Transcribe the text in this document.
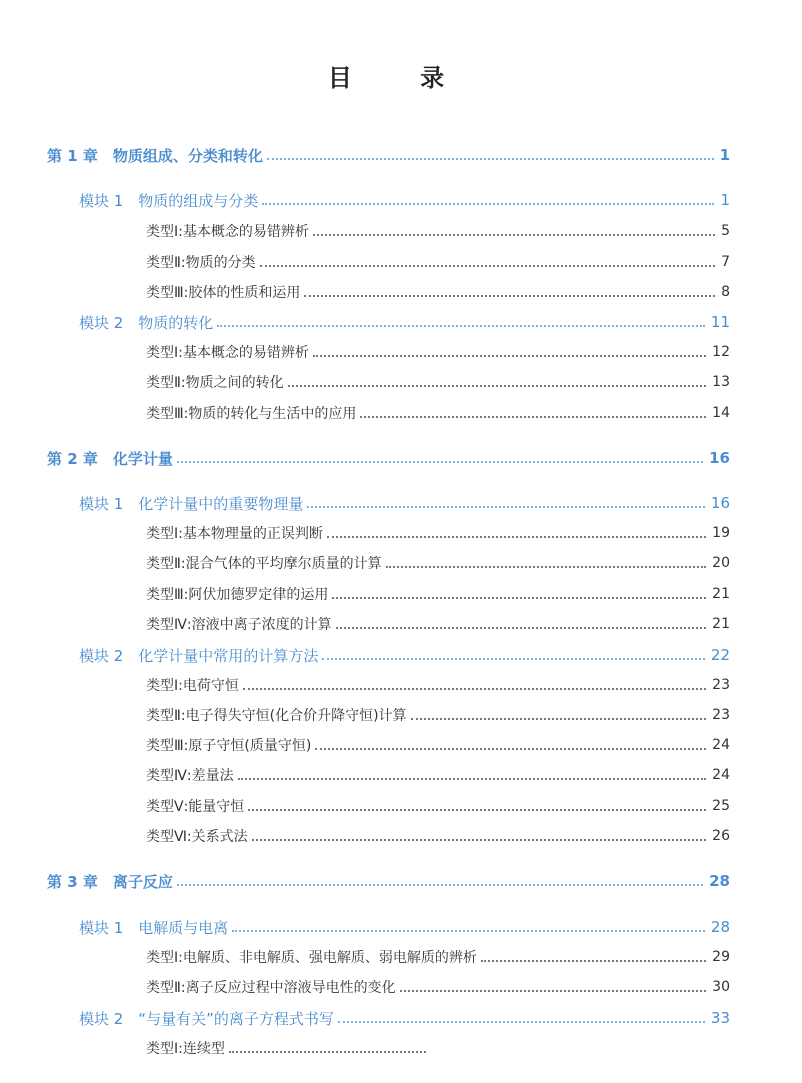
目 录
第 1 章　物质组成、分类和转化	1
模块 1　物质的组成与分类	1
类型Ⅰ:基本概念的易错辨析	5
类型Ⅱ:物质的分类	7
类型Ⅲ:胶体的性质和运用	8
模块 2　物质的转化	11
类型Ⅰ:基本概念的易错辨析	12
类型Ⅱ:物质之间的转化	13
类型Ⅲ:物质的转化与生活中的应用	14
第 2 章　化学计量	16
模块 1　化学计量中的重要物理量	16
类型Ⅰ:基本物理量的正误判断	19
类型Ⅱ:混合气体的平均摩尔质量的计算	20
类型Ⅲ:阿伏加德罗定律的运用	21
类型Ⅳ:溶液中离子浓度的计算	21
模块 2　化学计量中常用的计算方法	22
类型Ⅰ:电荷守恒	23
类型Ⅱ:电子得失守恒(化合价升降守恒)计算	23
类型Ⅲ:原子守恒(质量守恒)	24
类型Ⅳ:差量法	24
类型Ⅴ:能量守恒	25
类型Ⅵ:关系式法	26
第 3 章　离子反应	28
模块 1　电解质与电离	28
类型Ⅰ:电解质、非电解质、强电解质、弱电解质的辨析	29
类型Ⅱ:离子反应过程中溶液导电性的变化	30
模块 2　“与量有关”的离子方程式书写	33
类型Ⅰ:连续型
